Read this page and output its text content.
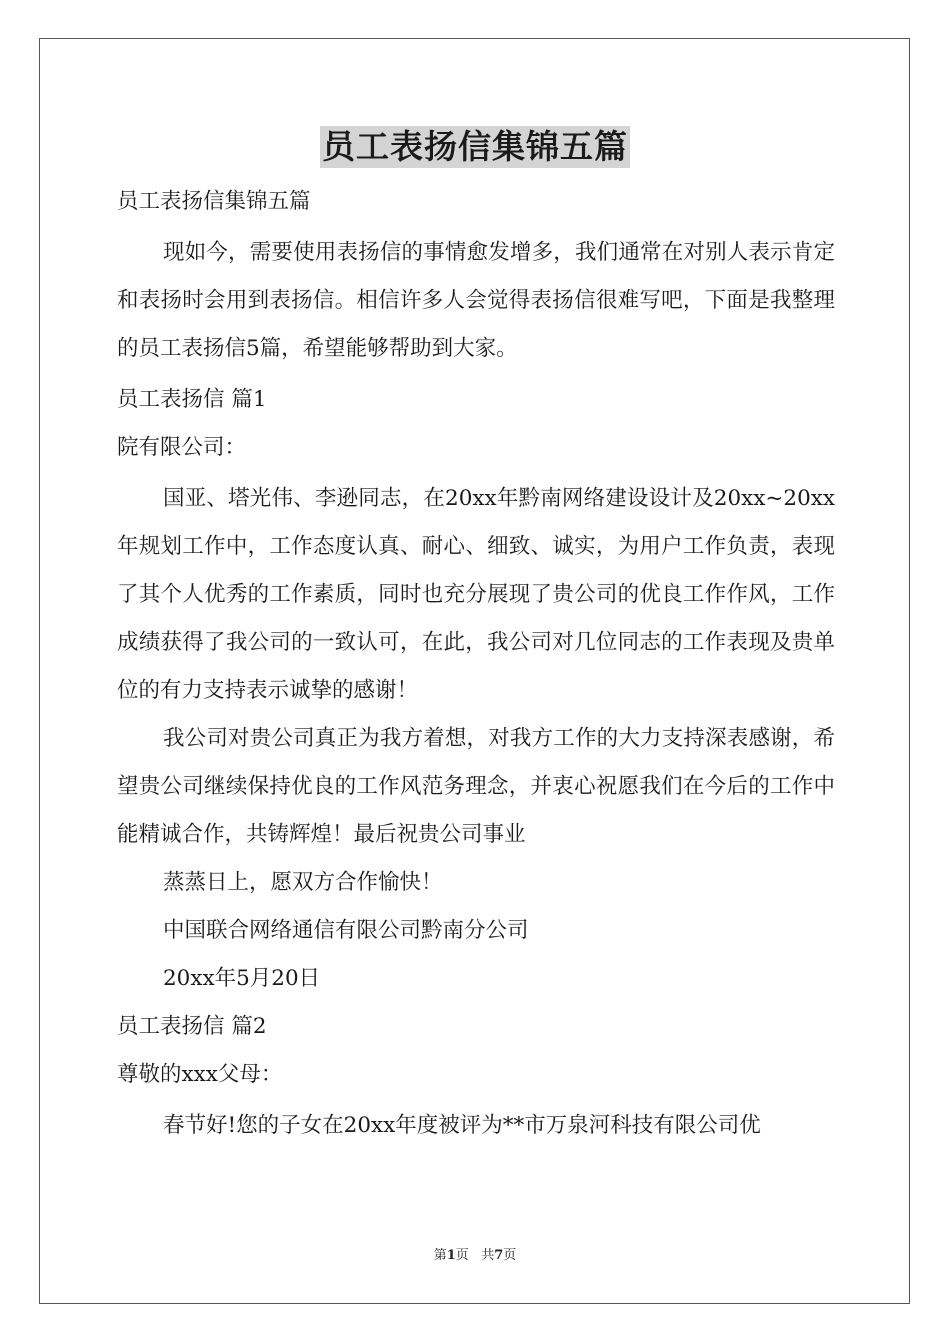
员工表扬信集锦五篇
员工表扬信集锦五篇
现如今，需要使用表扬信的事情愈发增多，我们通常在对别人表示肯定和表扬时会用到表扬信。相信许多人会觉得表扬信很难写吧，下面是我整理的员工表扬信5篇，希望能够帮助到大家。
员工表扬信 篇1
院有限公司：
国亚、塔光伟、李逊同志，在20xx年黔南网络建设设计及20xx~20xx年规划工作中，工作态度认真、耐心、细致、诚实，为用户工作负责，表现了其个人优秀的工作素质，同时也充分展现了贵公司的优良工作作风，工作成绩获得了我公司的一致认可，在此，我公司对几位同志的工作表现及贵单位的有力支持表示诚挚的感谢！
我公司对贵公司真正为我方着想，对我方工作的大力支持深表感谢，希望贵公司继续保持优良的工作风范务理念，并衷心祝愿我们在今后的工作中能精诚合作，共铸辉煌！最后祝贵公司事业
蒸蒸日上，愿双方合作愉快！
中国联合网络通信有限公司黔南分公司
20xx年5月20日
员工表扬信 篇2
尊敬的xxx父母：
春节好!您的子女在20xx年度被评为**市万泉河科技有限公司优
第1页   共7页
